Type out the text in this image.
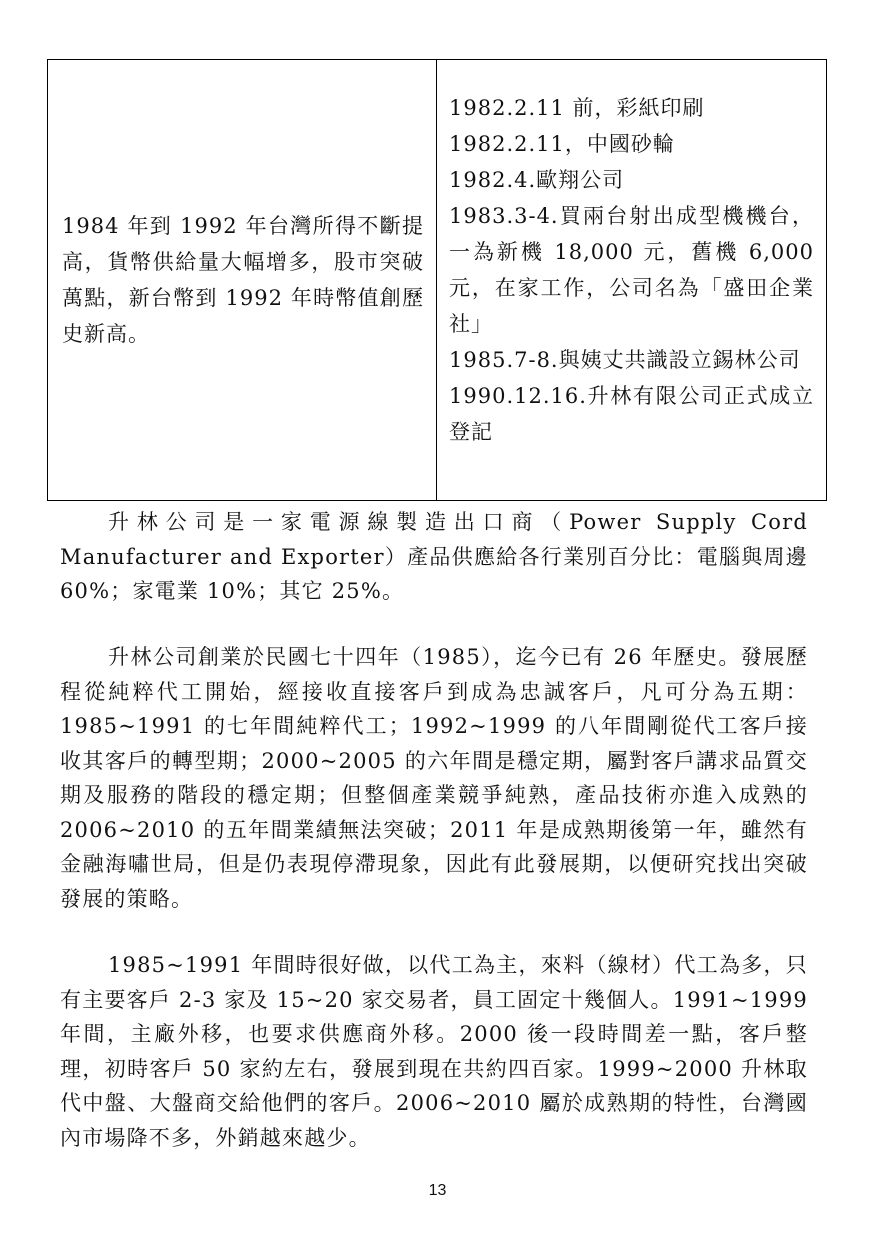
1984 年到 1992 年台灣所得不斷提高，貨幣供給量大幅增多，股市突破萬點，新台幣到 1992 年時幣值創歷史新高。

1982.2.11 前，彩紙印刷

1982.2.11，中國砂輪

1982.4.歐翔公司

1983.3-4.買兩台射出成型機機台，一為新機 18,000 元，舊機 6,000 元，在家工作，公司名為「盛田企業社」

1985.7-8.與姨丈共識設立錫林公司

1990.12.16.升林有限公司正式成立登記

升林公司是一家電源線製造出口商（Power Supply Cord Manufacturer and Exporter）產品供應給各行業別百分比：電腦與周邊 60%；家電業 10%；其它 25%。

升林公司創業於民國七十四年（1985），迄今已有 26 年歷史。發展歷程從純粹代工開始，經接收直接客戶到成為忠誠客戶，凡可分為五期：1985~1991 的七年間純粹代工；1992~1999 的八年間剛從代工客戶接收其客戶的轉型期；2000~2005 的六年間是穩定期，屬對客戶講求品質交期及服務的階段的穩定期；但整個產業競爭純熟，產品技術亦進入成熟的 2006~2010 的五年間業績無法突破；2011 年是成熟期後第一年，雖然有金融海嘯世局，但是仍表現停滯現象，因此有此發展期，以便研究找出突破發展的策略。

1985~1991 年間時很好做，以代工為主，來料（線材）代工為多，只有主要客戶 2-3 家及 15~20 家交易者，員工固定十幾個人。1991~1999 年間，主廠外移，也要求供應商外移。2000 後一段時間差一點，客戶整理，初時客戶 50 家約左右，發展到現在共約四百家。1999~2000 升林取代中盤、大盤商交給他們的客戶。2006~2010 屬於成熟期的特性，台灣國內市場降不多，外銷越來越少。

13
